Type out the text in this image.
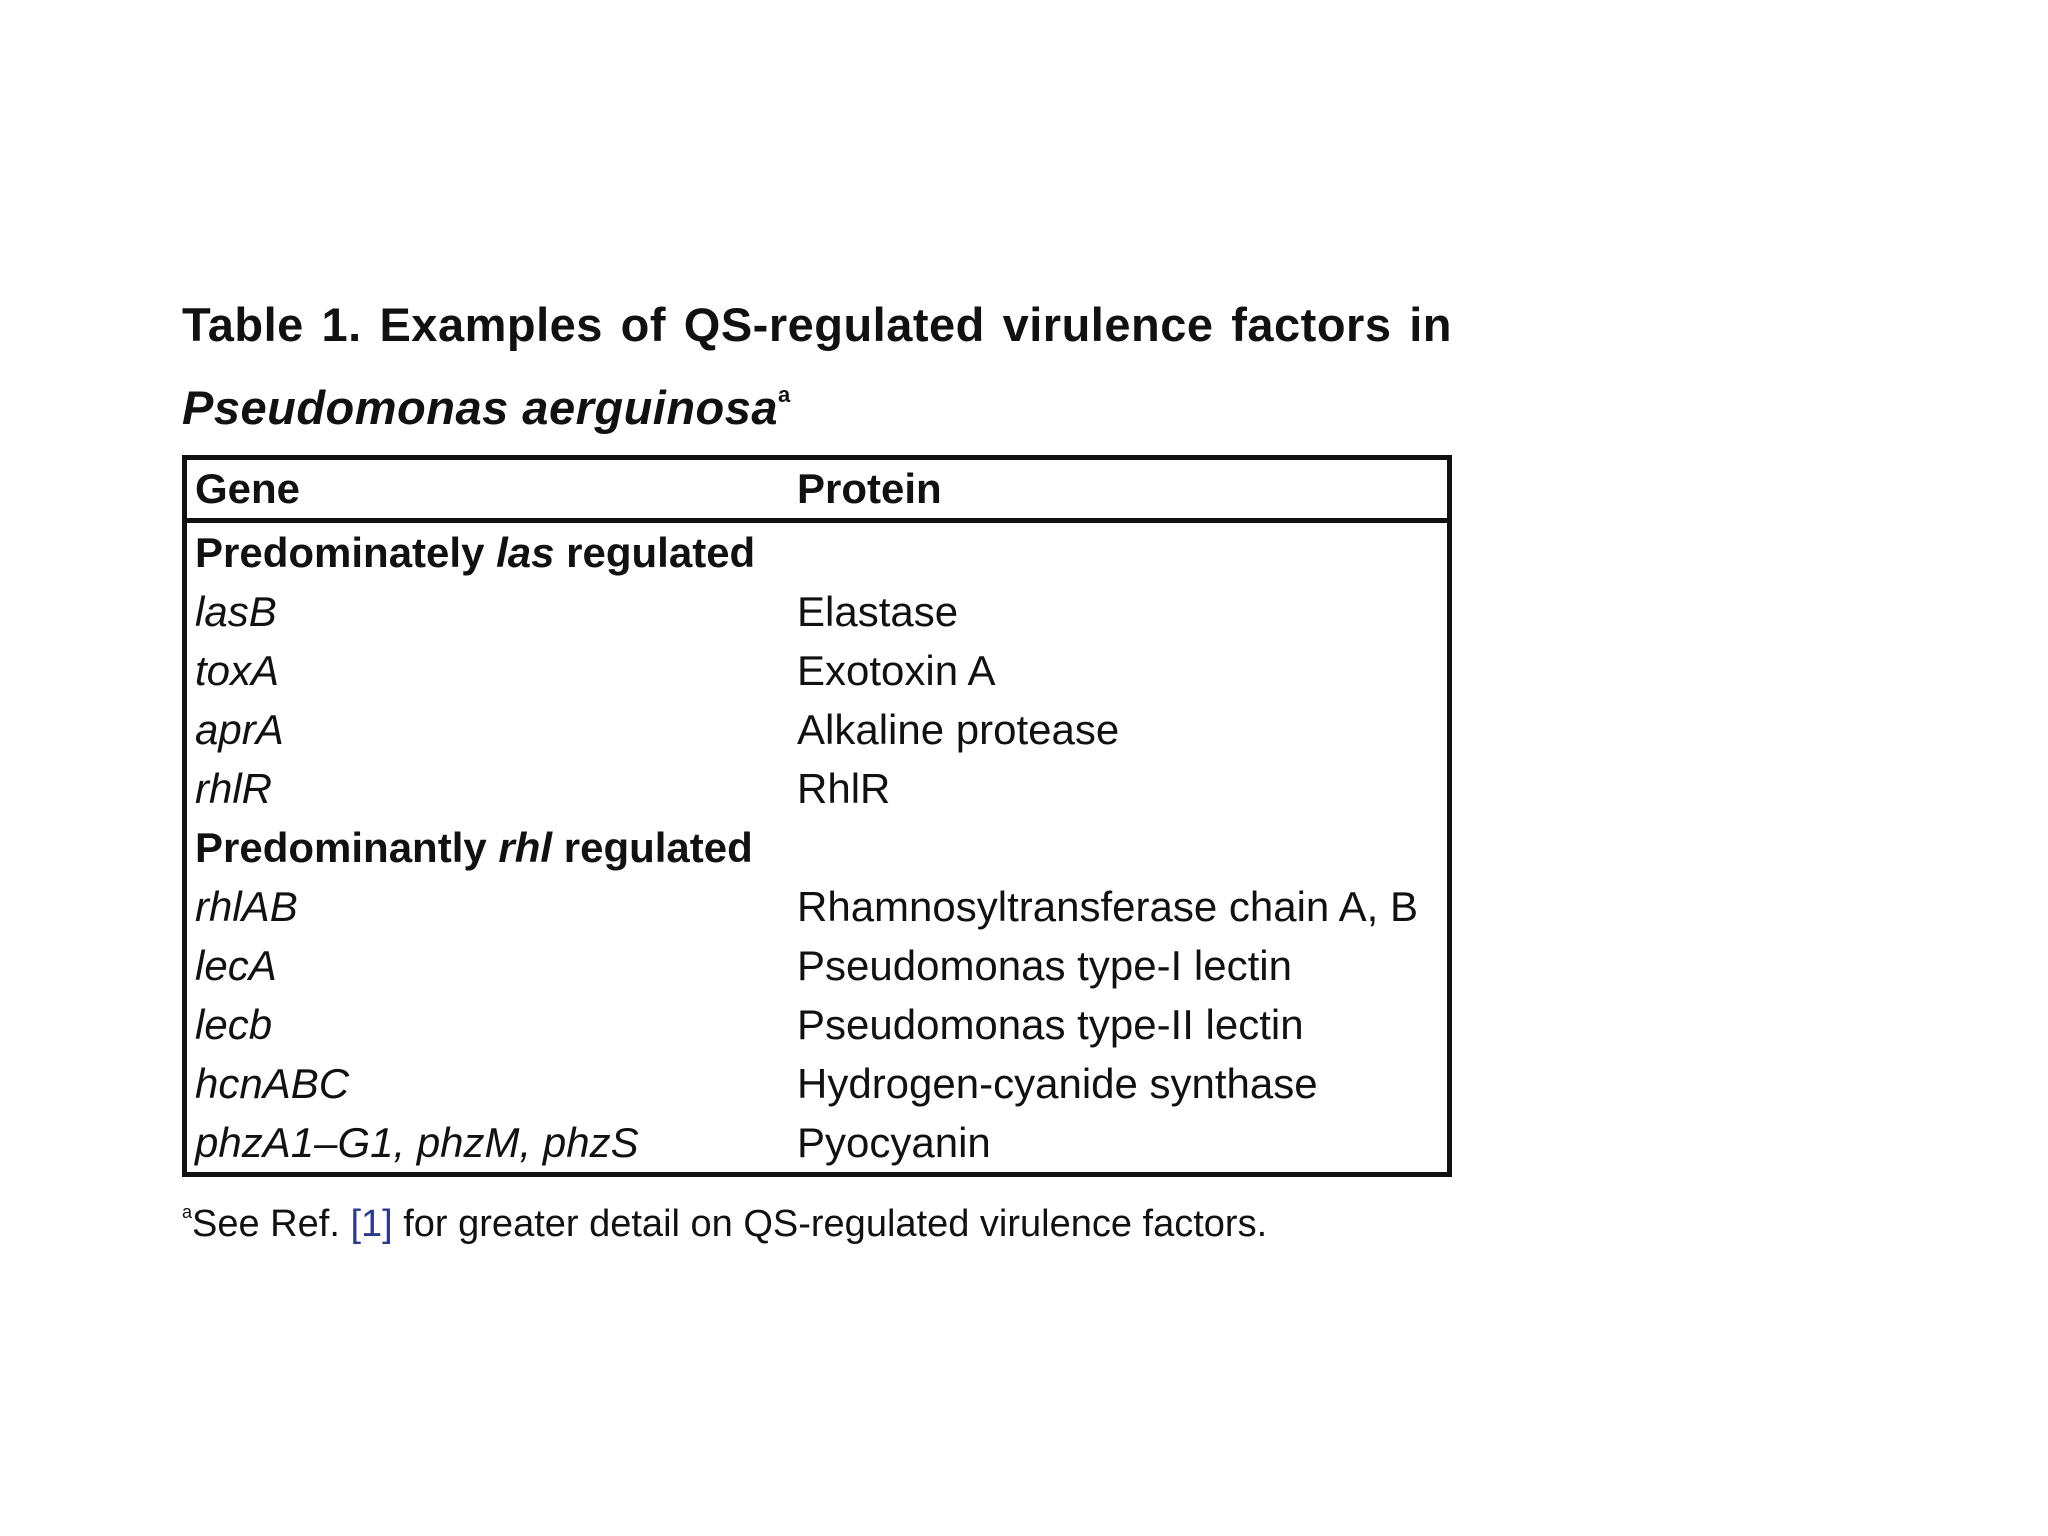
Table 1. Examples of QS-regulated virulence factors in
Pseudomonas aerguinosa$^a$
Gene	Protein
Predominately las regulated
lasB	Elastase
toxA	Exotoxin A
aprA	Alkaline protease
rhlR	RhlR
Predominantly rhl regulated
rhlAB	Rhamnosyltransferase chain A, B
lecA	Pseudomonas type-I lectin
lecb	Pseudomonas type-II lectin
hcnABC	Hydrogen-cyanide synthase
phzA1–G1, phzM, phzS	Pyocyanin
$^a$See Ref. [1] for greater detail on QS-regulated virulence factors.
